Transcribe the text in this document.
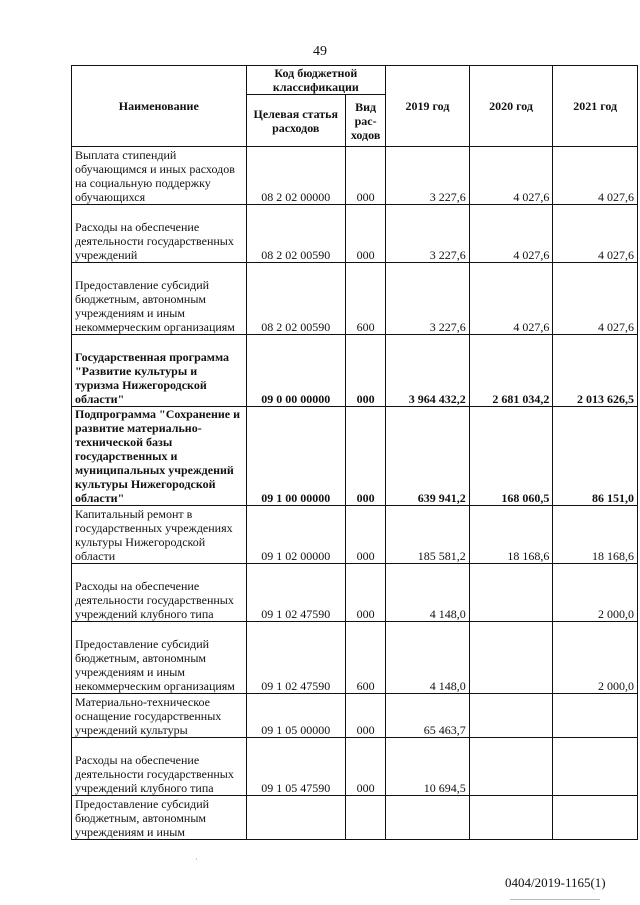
49
Наименование	Код бюджетной классификации		2019 год	2020 год	2021 год
	Целевая статья расходов	Вид рас-ходов			
Выплата стипендий обучающимся и иных расходов на социальную поддержку обучающихся	08 2 02 00000	000	3 227,6	4 027,6	4 027,6
Расходы на обеспечение деятельности государственных учреждений	08 2 02 00590	000	3 227,6	4 027,6	4 027,6
Предоставление субсидий бюджетным, автономным учреждениям и иным некоммерческим организациям	08 2 02 00590	600	3 227,6	4 027,6	4 027,6
Государственная программа "Развитие культуры и туризма Нижегородской области"	09 0 00 00000	000	3 964 432,2	2 681 034,2	2 013 626,5
Подпрограмма "Сохранение и развитие материально-технической базы государственных и муниципальных учреждений культуры Нижегородской области"	09 1 00 00000	000	639 941,2	168 060,5	86 151,0
Капитальный ремонт в государственных учреждениях культуры Нижегородской области	09 1 02 00000	000	185 581,2	18 168,6	18 168,6
Расходы на обеспечение деятельности государственных учреждений клубного типа	09 1 02 47590	000	4 148,0		2 000,0
Предоставление субсидий бюджетным, автономным учреждениям и иным некоммерческим организациям	09 1 02 47590	600	4 148,0		2 000,0
Материально-техническое оснащение государственных учреждений культуры	09 1 05 00000	000	65 463,7		
Расходы на обеспечение деятельности государственных учреждений клубного типа	09 1 05 47590	000	10 694,5		
Предоставление субсидий бюджетным, автономным учреждениям и иным					
·
0404/2019-1165(1)
